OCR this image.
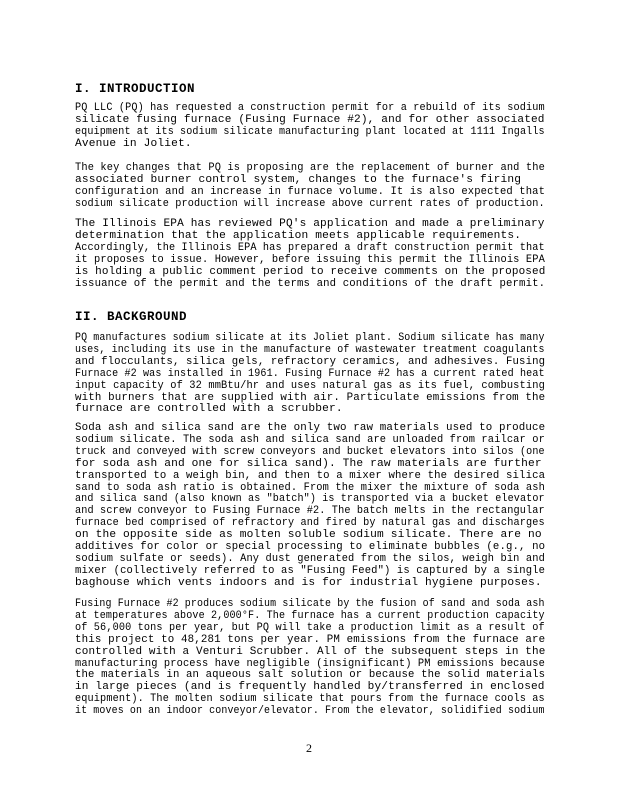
I. INTRODUCTION
PQ LLC (PQ) has requested a construction permit for a rebuild of its sodium
silicate fusing furnace (Fusing Furnace #2), and for other associated
equipment at its sodium silicate manufacturing plant located at 1111 Ingalls
Avenue in Joliet.
The key changes that PQ is proposing are the replacement of burner and the
associated burner control system, changes to the furnace's firing
configuration and an increase in furnace volume. It is also expected that
sodium silicate production will increase above current rates of production.
The Illinois EPA has reviewed PQ's application and made a preliminary
determination that the application meets applicable requirements.
Accordingly, the Illinois EPA has prepared a draft construction permit that
it proposes to issue. However, before issuing this permit the Illinois EPA
is holding a public comment period to receive comments on the proposed
issuance of the permit and the terms and conditions of the draft permit.
II. BACKGROUND
PQ manufactures sodium silicate at its Joliet plant. Sodium silicate has many
uses, including its use in the manufacture of wastewater treatment coagulants
and flocculants, silica gels, refractory ceramics, and adhesives. Fusing
Furnace #2 was installed in 1961. Fusing Furnace #2 has a current rated heat
input capacity of 32 mmBtu/hr and uses natural gas as its fuel, combusting
with burners that are supplied with air. Particulate emissions from the
furnace are controlled with a scrubber.
Soda ash and silica sand are the only two raw materials used to produce
sodium silicate. The soda ash and silica sand are unloaded from railcar or
truck and conveyed with screw conveyors and bucket elevators into silos (one
for soda ash and one for silica sand). The raw materials are further
transported to a weigh bin, and then to a mixer where the desired silica
sand to soda ash ratio is obtained. From the mixer the mixture of soda ash
and silica sand (also known as "batch") is transported via a bucket elevator
and screw conveyor to Fusing Furnace #2. The batch melts in the rectangular
furnace bed comprised of refractory and fired by natural gas and discharges
on the opposite side as molten soluble sodium silicate. There are no
additives for color or special processing to eliminate bubbles (e.g., no
sodium sulfate or seeds). Any dust generated from the silos, weigh bin and
mixer (collectively referred to as "Fusing Feed") is captured by a single
baghouse which vents indoors and is for industrial hygiene purposes.
Fusing Furnace #2 produces sodium silicate by the fusion of sand and soda ash
at temperatures above 2,000°F. The furnace has a current production capacity
of 56,000 tons per year, but PQ will take a production limit as a result of
this project to 48,281 tons per year. PM emissions from the furnace are
controlled with a Venturi Scrubber. All of the subsequent steps in the
manufacturing process have negligible (insignificant) PM emissions because
the materials in an aqueous salt solution or because the solid materials
in large pieces (and is frequently handled by/transferred in enclosed
equipment). The molten sodium silicate that pours from the furnace cools as
it moves on an indoor conveyor/elevator. From the elevator, solidified sodium
2
